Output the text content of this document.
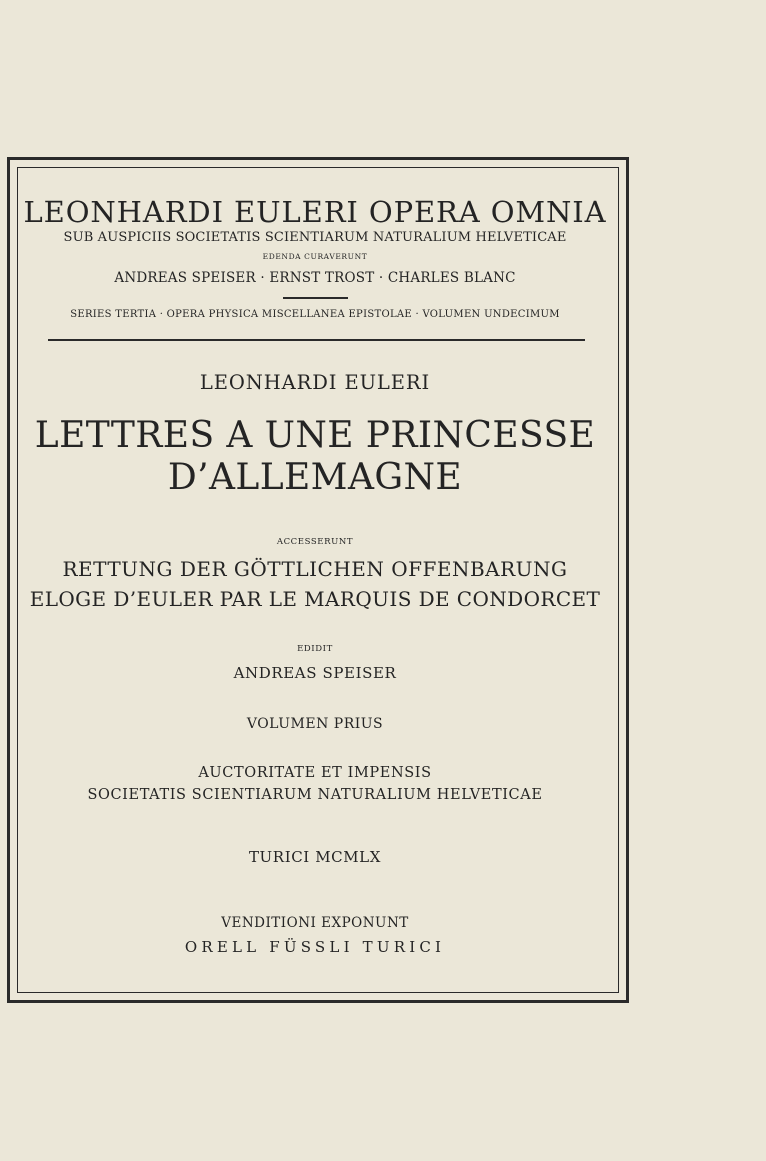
LEONHARDI EULERI OPERA OMNIA
SUB AUSPICIIS SOCIETATIS SCIENTIARUM NATURALIUM HELVETICAE
EDENDA CURAVERUNT
ANDREAS SPEISER · ERNST TROST · CHARLES BLANC
SERIES TERTIA · OPERA PHYSICA MISCELLANEA EPISTOLAE · VOLUMEN UNDECIMUM
LEONHARDI EULERI
LETTRES A UNE PRINCESSE
D’ALLEMAGNE
ACCESSERUNT
RETTUNG DER GÖTTLICHEN OFFENBARUNG
ELOGE D’EULER PAR LE MARQUIS DE CONDORCET
EDIDIT
ANDREAS SPEISER
VOLUMEN PRIUS
AUCTORITATE ET IMPENSIS
SOCIETATIS SCIENTIARUM NATURALIUM HELVETICAE
TURICI MCMLX
VENDITIONI EXPONUNT
ORELL FÜSSLI TURICI
